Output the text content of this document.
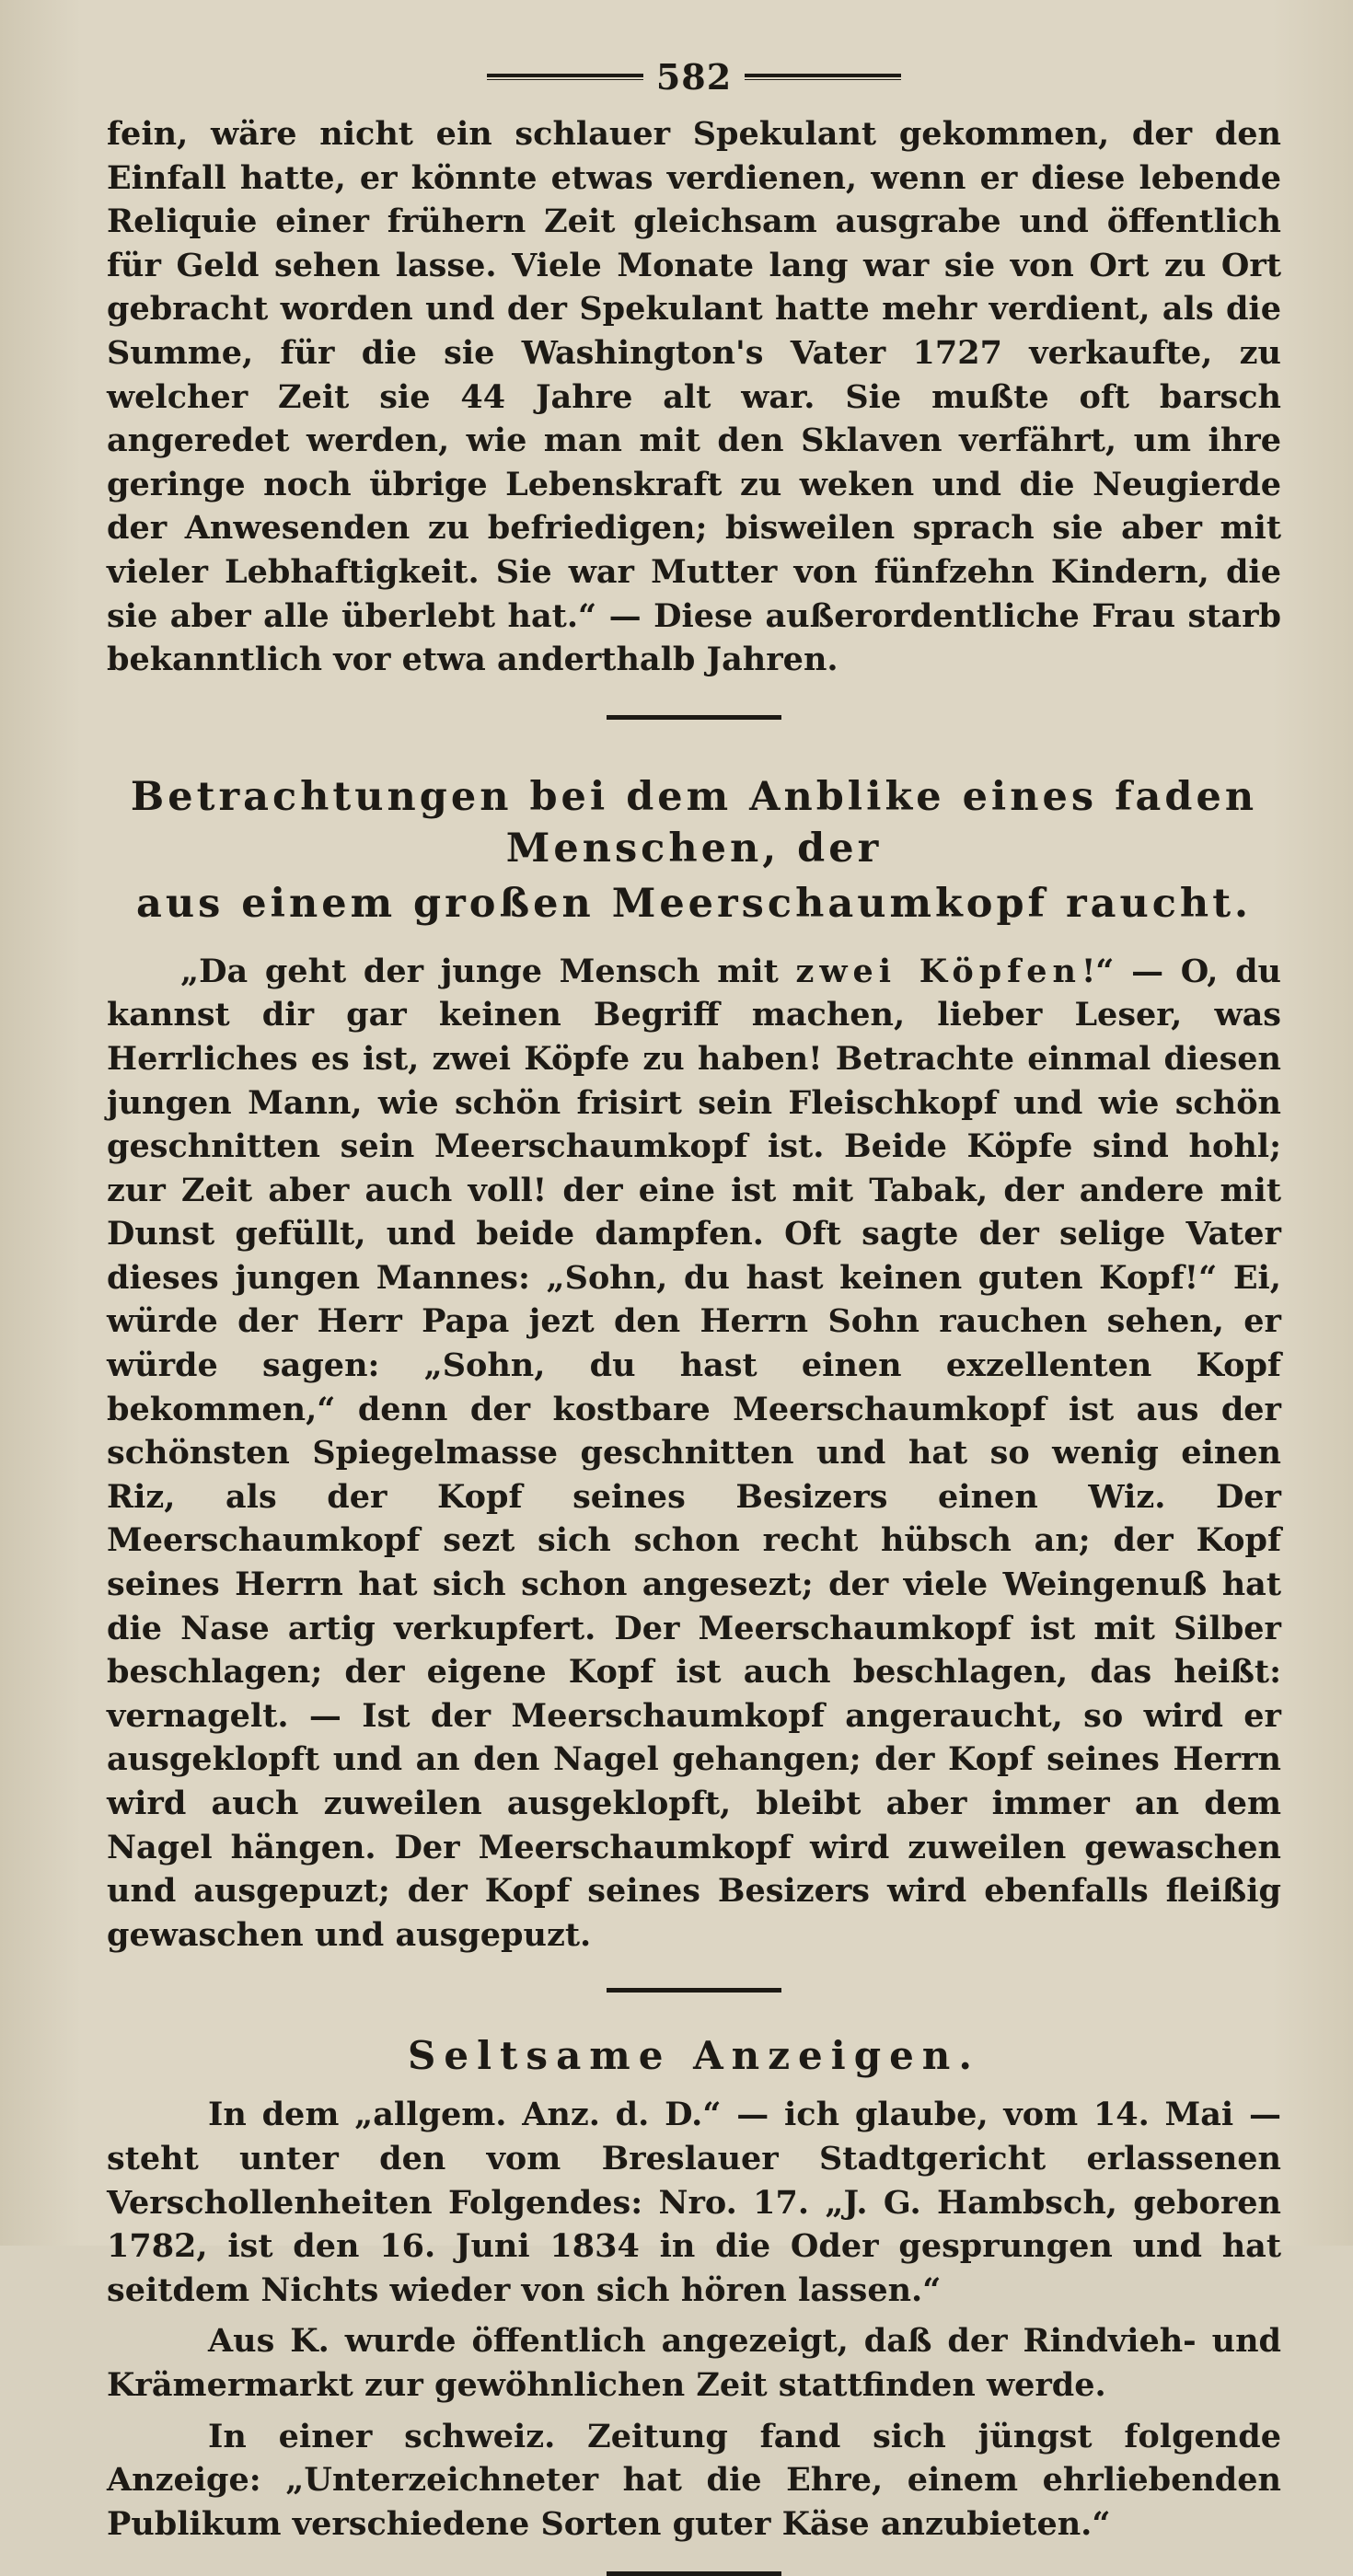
582

fein, wäre nicht ein schlauer Spekulant gekommen, der den Einfall hatte, er könnte etwas verdienen, wenn er diese lebende Reliquie einer frühern Zeit gleichsam ausgrabe und öffentlich für Geld sehen lasse. Viele Monate lang war sie von Ort zu Ort gebracht worden und der Spekulant hatte mehr verdient, als die Summe, für die sie Washington's Vater 1727 verkaufte, zu welcher Zeit sie 44 Jahre alt war. Sie mußte oft barsch angeredet werden, wie man mit den Sklaven verfährt, um ihre geringe noch übrige Lebenskraft zu weken und die Neugierde der Anwesenden zu befriedigen; bisweilen sprach sie aber mit vieler Lebhaftigkeit. Sie war Mutter von fünfzehn Kindern, die sie aber alle überlebt hat.“ — Diese außerordentliche Frau starb bekanntlich vor etwa anderthalb Jahren.

Betrachtungen bei dem Anblike eines faden Menschen, der
aus einem großen Meerschaumkopf raucht.

„Da geht der junge Mensch mit zwei Köpfen!“ — O, du kannst dir gar keinen Begriff machen, lieber Leser, was Herrliches es ist, zwei Köpfe zu haben! Betrachte einmal diesen jungen Mann, wie schön frisirt sein Fleischkopf und wie schön geschnitten sein Meerschaumkopf ist. Beide Köpfe sind hohl; zur Zeit aber auch voll! der eine ist mit Tabak, der andere mit Dunst gefüllt, und beide dampfen. Oft sagte der selige Vater dieses jungen Mannes: „Sohn, du hast keinen guten Kopf!“ Ei, würde der Herr Papa jezt den Herrn Sohn rauchen sehen, er würde sagen: „Sohn, du hast einen exzellenten Kopf bekommen,“ denn der kostbare Meerschaumkopf ist aus der schönsten Spiegelmasse geschnitten und hat so wenig einen Riz, als der Kopf seines Besizers einen Wiz. Der Meerschaumkopf sezt sich schon recht hübsch an; der Kopf seines Herrn hat sich schon angesezt; der viele Weingenuß hat die Nase artig verkupfert. Der Meerschaumkopf ist mit Silber beschlagen; der eigene Kopf ist auch beschlagen, das heißt: vernagelt. — Ist der Meerschaumkopf angeraucht, so wird er ausgeklopft und an den Nagel gehangen; der Kopf seines Herrn wird auch zuweilen ausgeklopft, bleibt aber immer an dem Nagel hängen. Der Meerschaumkopf wird zuweilen gewaschen und ausgepuzt; der Kopf seines Besizers wird ebenfalls fleißig gewaschen und ausgepuzt.

Seltsame Anzeigen.

In dem „allgem. Anz. d. D.“ — ich glaube, vom 14. Mai — steht unter den vom Breslauer Stadtgericht erlassenen Verschollenheiten Folgendes: Nro. 17. „J. G. Hambsch, geboren 1782, ist den 16. Juni 1834 in die Oder gesprungen und hat seitdem Nichts wieder von sich hören lassen.“

Aus K. wurde öffentlich angezeigt, daß der Rindvieh- und Krämermarkt zur gewöhnlichen Zeit stattfinden werde.

In einer schweiz. Zeitung fand sich jüngst folgende Anzeige: „Unterzeichneter hat die Ehre, einem ehrliebenden Publikum verschiedene Sorten guter Käse anzubieten.“
